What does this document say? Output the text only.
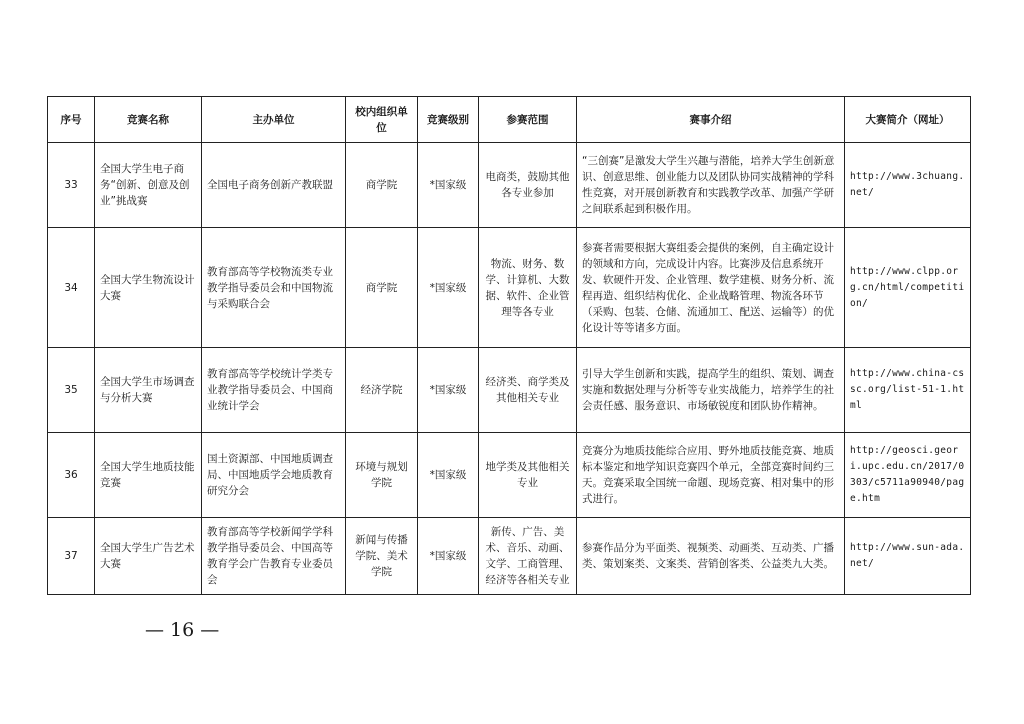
序号	竞赛名称	主办单位	校内组织单位	竞赛级别	参赛范围	赛事介绍	大赛简介（网址）
33	全国大学生电子商务“创新、创意及创业”挑战赛	全国电子商务创新产教联盟	商学院	*国家级	电商类，鼓励其他各专业参加	“三创赛”是激发大学生兴趣与潜能，培养大学生创新意识、创意思维、创业能力以及团队协同实战精神的学科性竞赛，对开展创新教育和实践教学改革、加强产学研之间联系起到积极作用。	http://www.3chuang.net/
34	全国大学生物流设计大赛	教育部高等学校物流类专业教学指导委员会和中国物流与采购联合会	商学院	*国家级	物流、财务、数学、计算机、大数据、软件、企业管理等各专业	参赛者需要根据大赛组委会提供的案例，自主确定设计的领域和方向，完成设计内容。比赛涉及信息系统开发、软硬件开发、企业管理、数学建模、财务分析、流程再造、组织结构优化、企业战略管理、物流各环节（采购、包装、仓储、流通加工、配送、运输等）的优化设计等等诸多方面。	http://www.clpp.org.cn/html/competition/
35	全国大学生市场调查与分析大赛	教育部高等学校统计学类专业教学指导委员会、中国商业统计学会	经济学院	*国家级	经济类、商学类及其他相关专业	引导大学生创新和实践，提高学生的组织、策划、调查实施和数据处理与分析等专业实战能力，培养学生的社会责任感、服务意识、市场敏锐度和团队协作精神。	http://www.china-cssc.org/list-51-1.html
36	全国大学生地质技能竞赛	国土资源部、中国地质调查局、中国地质学会地质教育研究分会	环境与规划学院	*国家级	地学类及其他相关专业	竞赛分为地质技能综合应用、野外地质技能竞赛、地质标本鉴定和地学知识竞赛四个单元，全部竞赛时间约三天。竞赛采取全国统一命题、现场竞赛、相对集中的形式进行。	http://geosci.geori.upc.edu.cn/2017/0303/c5711a90940/page.htm
37	全国大学生广告艺术大赛	教育部高等学校新闻学学科教学指导委员会、中国高等教育学会广告教育专业委员会	新闻与传播学院、美术学院	*国家级	新传、广告、美术、音乐、动画、文学、工商管理、经济等各相关专业	参赛作品分为平面类、视频类、动画类、互动类、广播类、策划案类、文案类、营销创客类、公益类九大类。	http://www.sun-ada.net/
— 16 —
